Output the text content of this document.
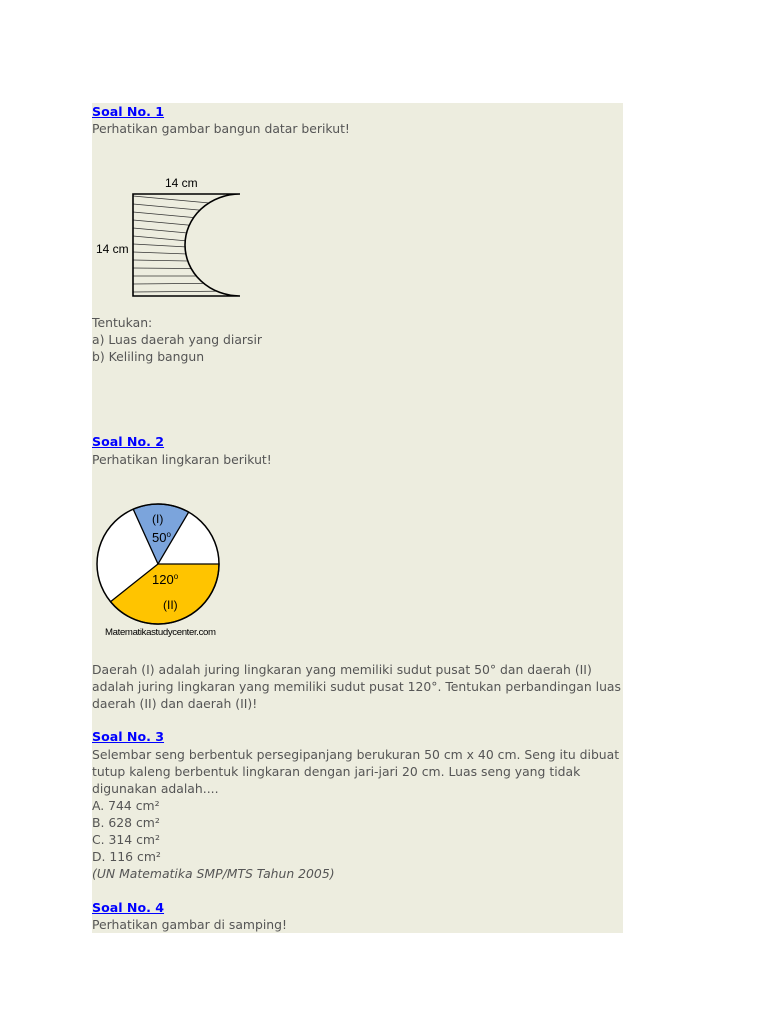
Soal No. 1
Perhatikan gambar bangun datar berikut!
14 cm
14 cm
Tentukan:
a) Luas daerah yang diarsir
b) Keliling bangun
Soal No. 2
Perhatikan lingkaran berikut!
(I)
50$^o$
120$^o$
(II)
Matematikastudycenter.com
Daerah (I) adalah juring lingkaran yang memiliki sudut pusat 50° dan daerah (II)
adalah juring lingkaran yang memiliki sudut pusat 120°. Tentukan perbandingan luas
daerah (II) dan daerah (II)!
Soal No. 3
Selembar seng berbentuk persegipanjang berukuran 50 cm x 40 cm. Seng itu dibuat
tutup kaleng berbentuk lingkaran dengan jari-jari 20 cm. Luas seng yang tidak
digunakan adalah....
A. 744 cm²
B. 628 cm²
C. 314 cm²
D. 116 cm²
(UN Matematika SMP/MTS Tahun 2005)
Soal No. 4
Perhatikan gambar di samping!
